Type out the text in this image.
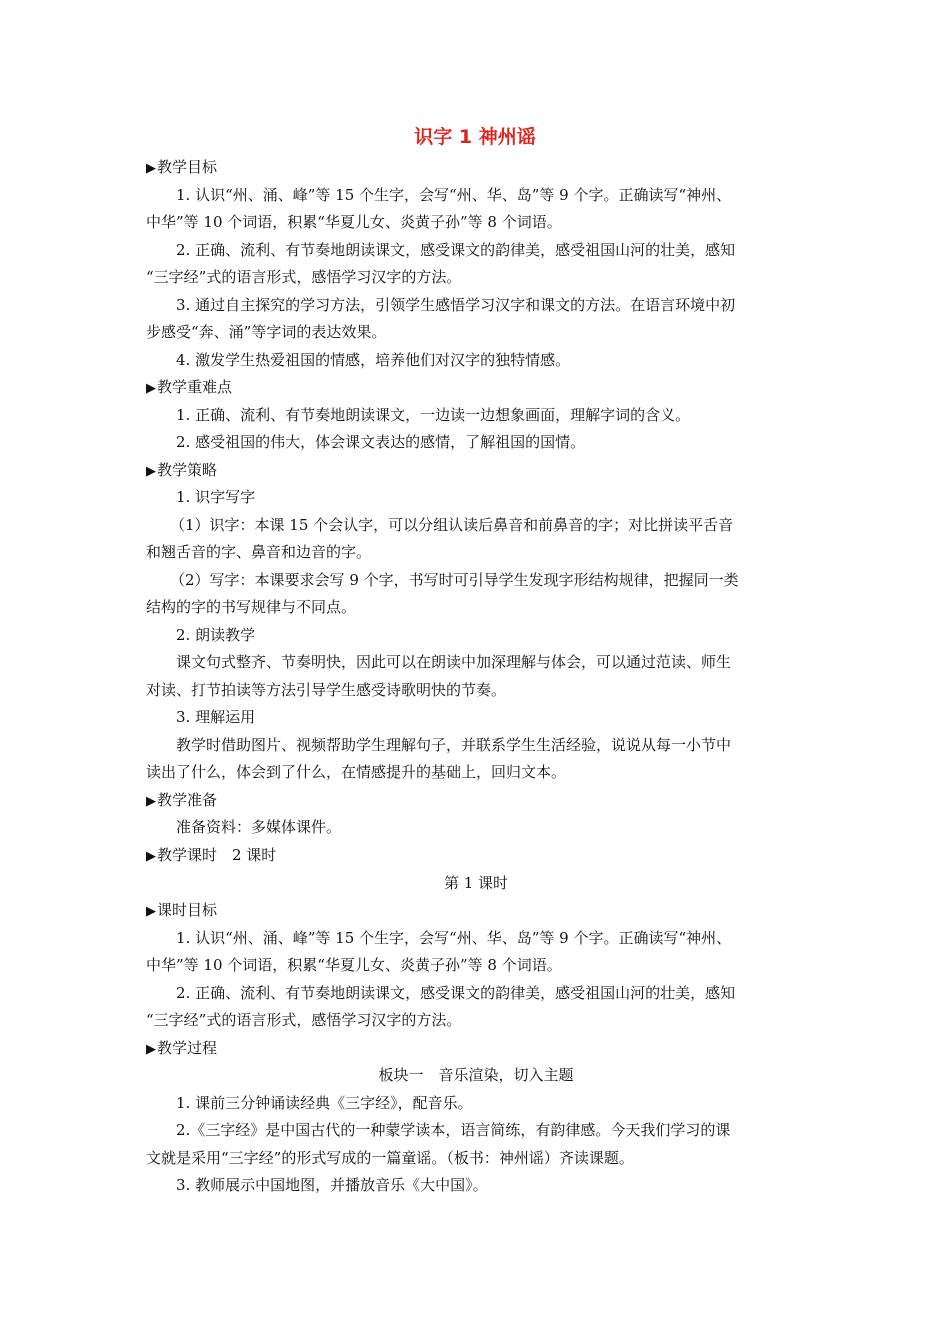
识字 1 神州谣
▶ 教学目标
1. 认识“州、涌、峰”等 15 个生字，会写“州、华、岛”等 9 个字。正确读写“神州、
中华”等 10 个词语，积累“华夏儿女、炎黄子孙”等 8 个词语。
2. 正确、流利、有节奏地朗读课文，感受课文的韵律美，感受祖国山河的壮美，感知
“三字经”式的语言形式，感悟学习汉字的方法。
3. 通过自主探究的学习方法，引领学生感悟学习汉字和课文的方法。在语言环境中初
步感受“奔、涌”等字词的表达效果。
4. 激发学生热爱祖国的情感，培养他们对汉字的独特情感。
▶ 教学重难点
1. 正确、流利、有节奏地朗读课文，一边读一边想象画面，理解字词的含义。
2. 感受祖国的伟大，体会课文表达的感情，了解祖国的国情。
▶ 教学策略
1. 识字写字
（1）识字：本课 15 个会认字，可以分组认读后鼻音和前鼻音的字；对比拼读平舌音
和翘舌音的字、鼻音和边音的字。
（2）写字：本课要求会写 9 个字，书写时可引导学生发现字形结构规律，把握同一类
结构的字的书写规律与不同点。
2. 朗读教学
课文句式整齐、节奏明快，因此可以在朗读中加深理解与体会，可以通过范读、师生
对读、打节拍读等方法引导学生感受诗歌明快的节奏。
3. 理解运用
教学时借助图片、视频帮助学生理解句子，并联系学生生活经验，说说从每一小节中
读出了什么，体会到了什么，在情感提升的基础上，回归文本。
▶ 教学准备
准备资料：多媒体课件。
▶ 教学课时　2 课时
第 1 课时
▶ 课时目标
1. 认识“州、涌、峰”等 15 个生字，会写“州、华、岛”等 9 个字。正确读写“神州、
中华”等 10 个词语，积累“华夏儿女、炎黄子孙”等 8 个词语。
2. 正确、流利、有节奏地朗读课文，感受课文的韵律美，感受祖国山河的壮美，感知
“三字经”式的语言形式，感悟学习汉字的方法。
▶ 教学过程
板块一　音乐渲染，切入主题
1. 课前三分钟诵读经典《三字经》，配音乐。
2.《三字经》是中国古代的一种蒙学读本，语言简练，有韵律感。今天我们学习的课
文就是采用“三字经”的形式写成的一篇童谣。（板书：神州谣）齐读课题。
3. 教师展示中国地图，并播放音乐《大中国》。
